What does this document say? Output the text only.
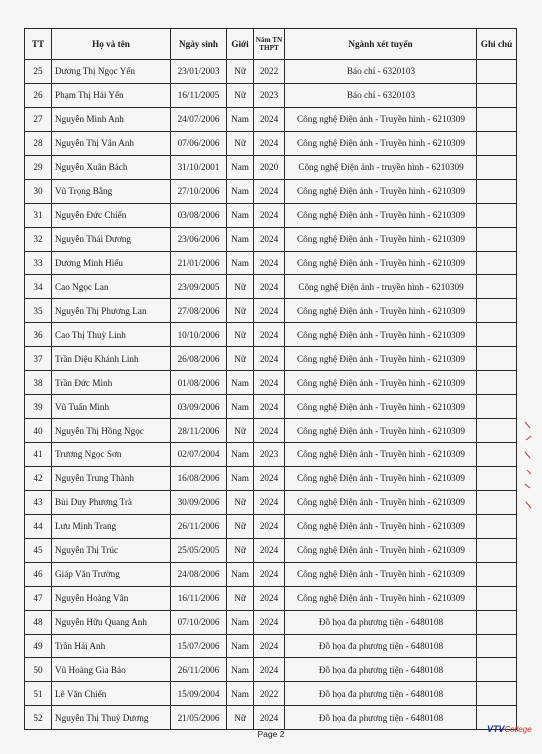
TT	Họ và tên	Ngày sinh	Giới	Năm TN THPT	Ngành xét tuyển	Ghi chú
25	Dương Thị Ngọc Yến	23/01/2003	Nữ	2022	Báo chí - 6320103	
26	Phạm Thị Hải Yến	16/11/2005	Nữ	2023	Báo chí - 6320103	
27	Nguyễn Minh Anh	24/07/2006	Nam	2024	Công nghệ Điện ảnh - Truyền hình - 6210309	
28	Nguyễn Thị Vân Anh	07/06/2006	Nữ	2024	Công nghệ Điện ảnh - Truyền hình - 6210309	
29	Nguyễn Xuân Bách	31/10/2001	Nam	2020	Công nghệ Điện ảnh - truyền hình - 6210309	
30	Vũ Trọng Bằng	27/10/2006	Nam	2024	Công nghệ Điện ảnh - Truyền hình - 6210309	
31	Nguyễn Đức Chiến	03/08/2006	Nam	2024	Công nghệ Điện ảnh - Truyền hình - 6210309	
32	Nguyễn Thái Dương	23/06/2006	Nam	2024	Công nghệ Điện ảnh - Truyền hình - 6210309	
33	Dương Minh Hiếu	21/01/2006	Nam	2024	Công nghệ Điện ảnh - Truyền hình - 6210309	
34	Cao Ngọc Lan	23/09/2005	Nữ	2024	Công nghệ Điện ảnh - truyền hình - 6210309	
35	Nguyễn Thị Phương Lan	27/08/2006	Nữ	2024	Công nghệ Điện ảnh - Truyền hình - 6210309	
36	Cao Thị Thuỳ Linh	10/10/2006	Nữ	2024	Công nghệ Điện ảnh - Truyền hình - 6210309	
37	Trần Diệu Khánh Linh	26/08/2006	Nữ	2024	Công nghệ Điện ảnh - Truyền hình - 6210309	
38	Trần Đức Minh	01/08/2006	Nam	2024	Công nghệ Điện ảnh - Truyền hình - 6210309	
39	Vũ Tuấn Minh	03/09/2006	Nam	2024	Công nghệ Điện ảnh - Truyền hình - 6210309	
40	Nguyễn Thị Hồng Ngọc	28/11/2006	Nữ	2024	Công nghệ Điện ảnh - Truyền hình - 6210309	
41	Trương Ngọc Sơn	02/07/2004	Nam	2023	Công nghệ Điện ảnh - Truyền hình - 6210309	
42	Nguyễn Trung Thành	16/08/2006	Nam	2024	Công nghệ Điện ảnh - Truyền hình - 6210309	
43	Bùi Duy Phương Trà	30/09/2006	Nữ	2024	Công nghệ Điện ảnh - Truyền hình - 6210309	
44	Lưu Minh Trang	26/11/2006	Nữ	2024	Công nghệ Điện ảnh - Truyền hình - 6210309	
45	Nguyễn Thị Trúc	25/05/2005	Nữ	2024	Công nghệ Điện ảnh - Truyền hình - 6210309	
46	Giáp Văn Trường	24/08/2006	Nam	2024	Công nghệ Điện ảnh - Truyền hình - 6210309	
47	Nguyễn Hoàng Vân	16/11/2006	Nữ	2024	Công nghệ Điện ảnh - Truyền hình - 6210309	
48	Nguyễn Hữu Quang Anh	07/10/2006	Nam	2024	Đồ họa đa phương tiện - 6480108	
49	Trần Hải Anh	15/07/2006	Nam	2024	Đồ họa đa phương tiện - 6480108	
50	Vũ Hoàng Gia Bảo	26/11/2006	Nam	2024	Đồ họa đa phương tiện - 6480108	
51	Lê Văn Chiến	15/09/2004	Nam	2022	Đồ họa đa phương tiện - 6480108	
52	Nguyễn Thị Thuỳ Dương	21/05/2006	Nữ	2024	Đồ họa đa phương tiện - 6480108	
Page 2	VTVCollege
